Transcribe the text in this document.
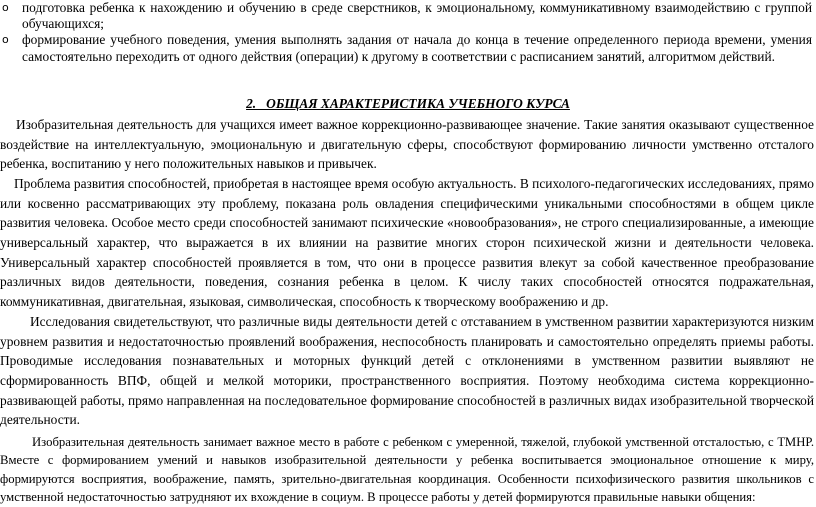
o подготовка ребенка к нахождению и обучению в среде сверстников, к эмоциональному, коммуникативному взаимодействию с группой обучающихся;
o формирование учебного поведения, умения выполнять задания от начала до конца в течение определенного периода времени, умения самостоятельно переходить от одного действия (операции) к другому в соответствии с расписанием занятий, алгоритмом действий.
2.   ОБЩАЯ ХАРАКТЕРИСТИКА УЧЕБНОГО КУРСА

Изобразительная деятельность для учащихся имеет важное коррекционно-развивающее значение. Такие занятия оказывают существенное воздействие на интеллектуальную, эмоциональную и двигательную сферы, способствуют формированию личности умственно отсталого ребенка, воспитанию у него положительных навыков и привычек.

Проблема развития способностей, приобретая в настоящее время особую актуальность. В психолого-педагогических исследованиях, прямо или косвенно рассматривающих эту проблему, показана роль овладения специфическими уникальными способностями в общем цикле развития человека. Особое место среди способностей занимают психические «новообразования», не строго специализированные, а имеющие универсальный характер, что выражается в их влиянии на развитие многих сторон психической жизни и деятельности человека. Универсальный характер способностей проявляется в том, что они в процессе развития влекут за собой качественное преобразование различных видов деятельности, поведения, сознания ребенка в целом. К числу таких способностей относятся подражательная, коммуникативная, двигательная, языковая, символическая, способность к творческому воображению и др.

Исследования свидетельствуют, что различные виды деятельности детей с отставанием в умственном развитии характеризуются низким уровнем развития и недостаточностью проявлений воображения, неспособность планировать и самостоятельно определять приемы работы. Проводимые исследования познавательных и моторных функций детей с отклонениями в умственном развитии выявляют не сформированность ВПФ, общей и мелкой моторики, пространственного восприятия. Поэтому необходима система коррекционно-развивающей работы, прямо направленная на последовательное формирование способностей в различных видах изобразительной творческой деятельности.

Изобразительная деятельность занимает важное место в работе с ребенком с умеренной, тяжелой, глубокой умственной отсталостью, с ТМНР. Вместе с формированием умений и навыков изобразительной деятельности у ребенка воспитывается эмоциональное отношение к миру, формируются восприятия, воображение, память, зрительно-двигательная координация. Особенности психофизического развития школьников с умственной недостаточностью затрудняют их вхождение в социум. В процессе работы у детей формируются правильные навыки общения:
